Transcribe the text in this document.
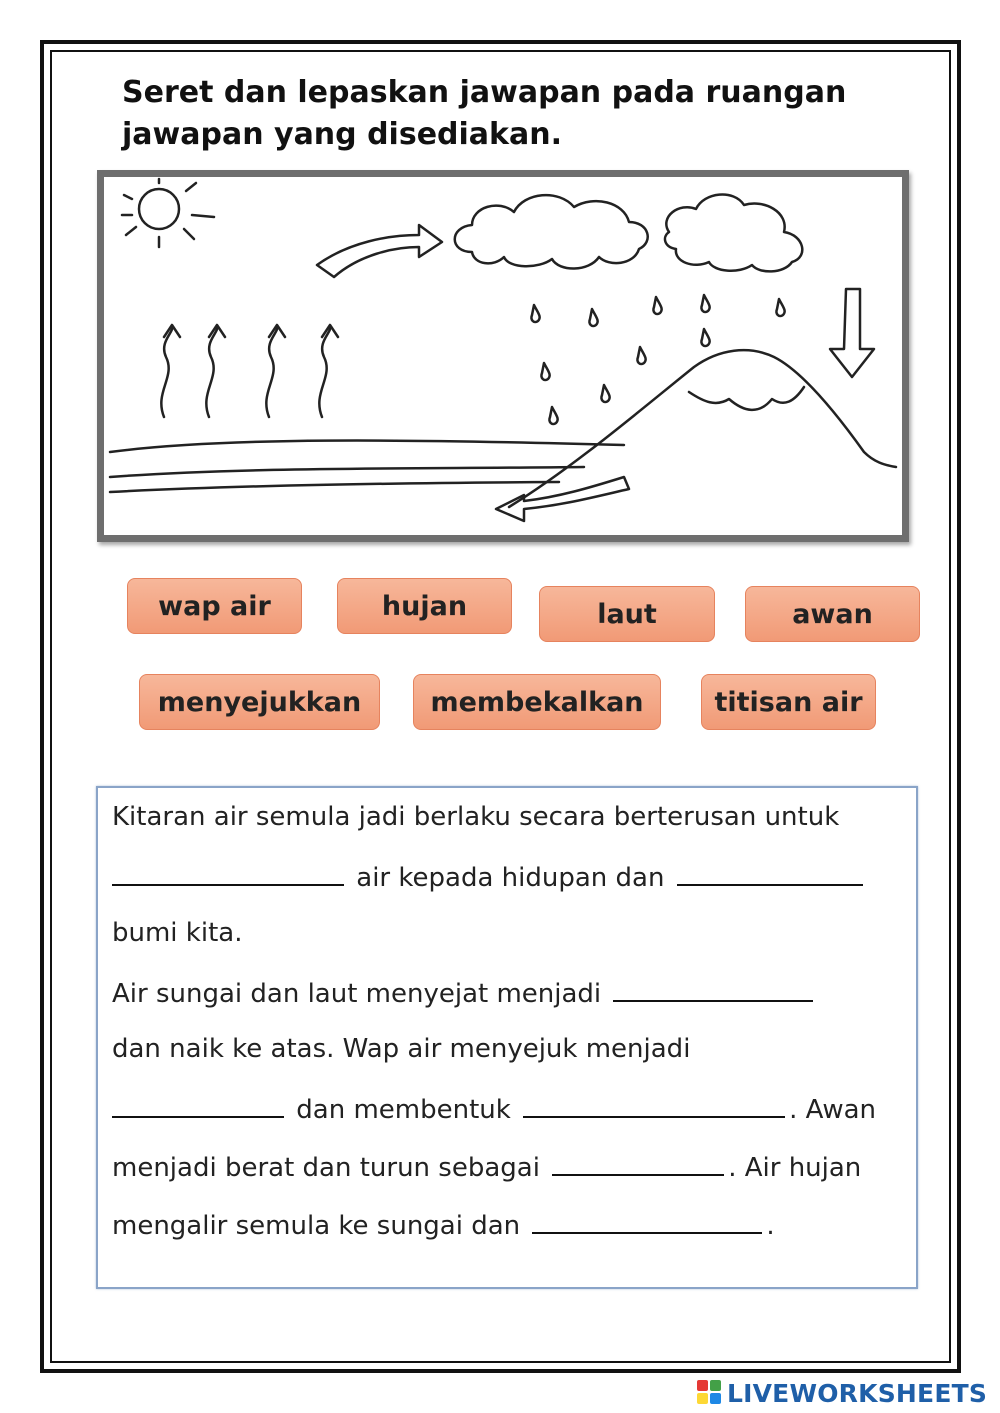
Seret dan lepaskan jawapan pada ruangan
jawapan yang disediakan.
wap air	hujan	laut	awan
menyejukkan	membekalkan	titisan air
Kitaran air semula jadi berlaku secara berterusan untuk
air kepada hidupan dan
bumi kita.
Air sungai dan laut menyejat menjadi
dan naik ke atas. Wap air menyejuk menjadi
dan membentuk	. Awan
menjadi berat dan turun sebagai	. Air hujan
mengalir semula ke sungai dan	.
LIVEWORKSHEETS
